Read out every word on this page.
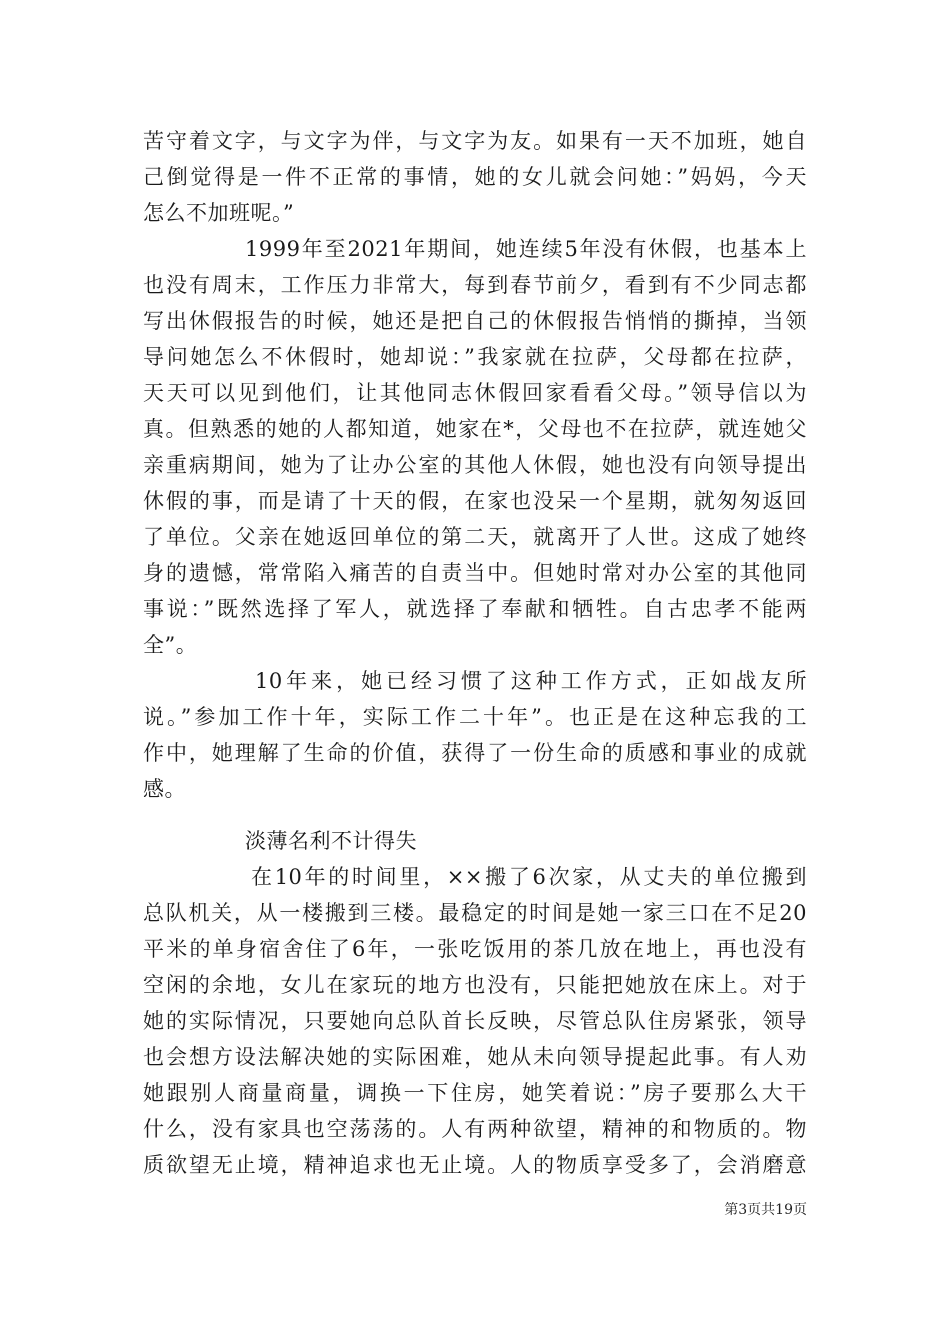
苦守着文字，与文字为伴，与文字为友。如果有一天不加班，她自
己倒觉得是一件不正常的事情，她的女儿就会问她：”妈妈，今天
怎么不加班呢。”
1999年至2021年期间，她连续5年没有休假，也基本上
也没有周末，工作压力非常大，每到春节前夕，看到有不少同志都
写出休假报告的时候，她还是把自己的休假报告悄悄的撕掉，当领
导问她怎么不休假时，她却说：”我家就在拉萨，父母都在拉萨，
天天可以见到他们，让其他同志休假回家看看父母。”领导信以为
真。但熟悉的她的人都知道，她家在*，父母也不在拉萨，就连她父
亲重病期间，她为了让办公室的其他人休假，她也没有向领导提出
休假的事，而是请了十天的假，在家也没呆一个星期，就匆匆返回
了单位。父亲在她返回单位的第二天，就离开了人世。这成了她终
身的遗憾，常常陷入痛苦的自责当中。但她时常对办公室的其他同
事说：”既然选择了军人，就选择了奉献和牺牲。自古忠孝不能两
全”。
10年来，她已经习惯了这种工作方式，正如战友所
说。”参加工作十年，实际工作二十年”。也正是在这种忘我的工
作中，她理解了生命的价值，获得了一份生命的质感和事业的成就
感。
淡薄名利不计得失
在10年的时间里，××搬了6次家，从丈夫的单位搬到
总队机关，从一楼搬到三楼。最稳定的时间是她一家三口在不足20
平米的单身宿舍住了6年，一张吃饭用的茶几放在地上，再也没有
空闲的余地，女儿在家玩的地方也没有，只能把她放在床上。对于
她的实际情况，只要她向总队首长反映，尽管总队住房紧张，领导
也会想方设法解决她的实际困难，她从未向领导提起此事。有人劝
她跟别人商量商量，调换一下住房，她笑着说：”房子要那么大干
什么，没有家具也空荡荡的。人有两种欲望，精神的和物质的。物
质欲望无止境，精神追求也无止境。人的物质享受多了，会消磨意
第3页共19页
